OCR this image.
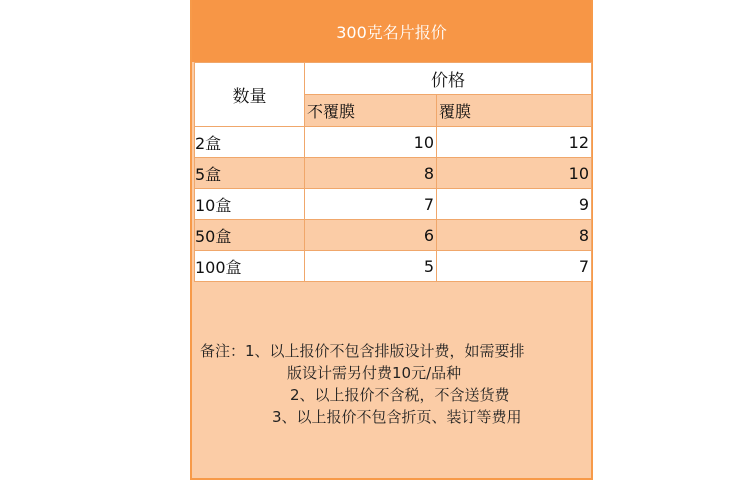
300克名片报价
数量	价格	
	不覆膜	覆膜
2盒	10	12
5盒	8	10
10盒	7	9
50盒	6	8
100盒	5	7
备注：1、以上报价不包含排版设计费，如需要排
版设计需另付费10元/品种
2、以上报价不含税，不含送货费
3、以上报价不包含折页、装订等费用
